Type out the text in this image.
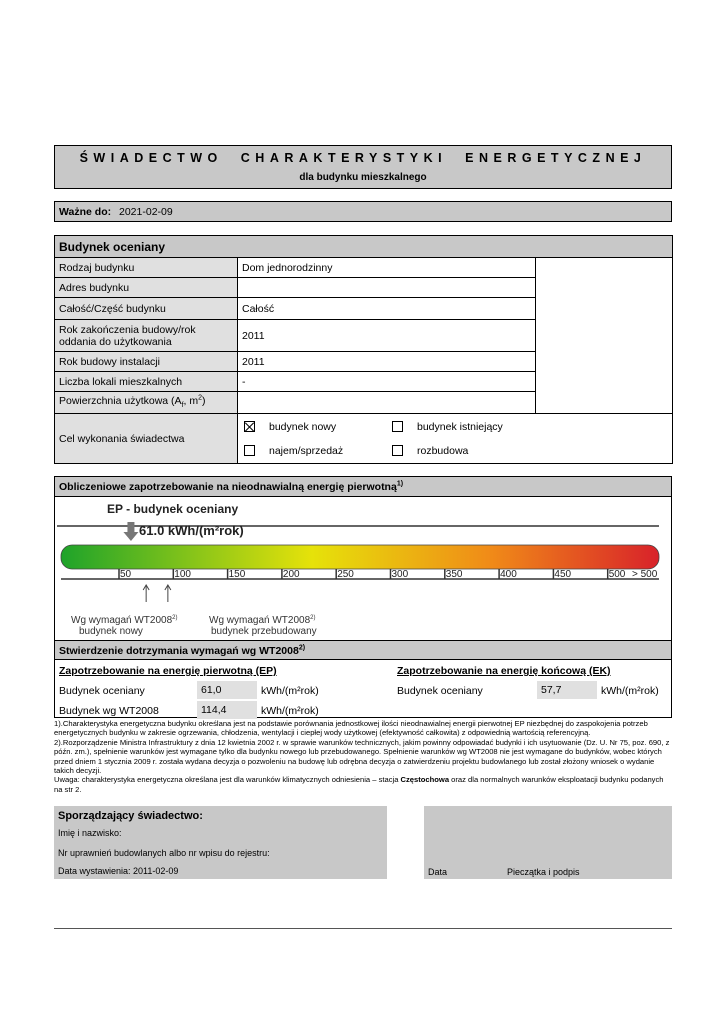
ŚWIADECTWO CHARAKTERYSTYKI ENERGETYCZNEJ
dla budynku mieszkalnego
Ważne do: 2021-02-09
Budynek oceniany		
Rodzaj budynku	Dom jednorodzinny	
Adres budynku		
Całość/Część budynku	Całość	
Rok zakończenia budowy/rok oddania do użytkowania	2011	
Rok budowy instalacji	2011	
Liczba lokali mieszkalnych	-	
Powierzchnia użytkowa ($A_f$, $m^2$)		
Cel wykonania świadectwa	budynek nowy budynek istniejący
najem/sprzedaż rozbudowa	
Obliczeniowe zapotrzebowanie na nieodnawialną energię pierwotną$^{1)}$
EP - budynek oceniany
61.0 kWh/(m²rok)
50	100	150	200	250	300	350	400	450	500 > 500
Wg wymagań WT2008$^{2)}$
budynek nowy
Wg wymagań WT2008$^{2)}$
budynek przebudowany
Stwierdzenie dotrzymania wymagań wg WT2008$^{2)}$
Zapotrzebowanie na energię pierwotną (EP)
Budynek oceniany	61,0	kWh/(m²rok)
Budynek wg WT2008	114,4	kWh/(m²rok)
Zapotrzebowanie na energię końcową (EK)
Budynek oceniany	57,7	kWh/(m²rok)

1).Charakterystyka energetyczna budynku określana jest na podstawie porównania jednostkowej ilości nieodnawialnej energii pierwotnej EP niezbędnej do zaspokojenia potrzeb energetycznych budynku w zakresie ogrzewania, chłodzenia, wentylacji i ciepłej wody użytkowej (efektywność całkowita) z odpowiednią wartością referencyjną.

2).Rozporządzenie Ministra Infrastruktury z dnia 12 kwietnia 2002 r. w sprawie warunków technicznych, jakim powinny odpowiadać budynki i ich usytuowanie (Dz. U. Nr 75, poz. 690, z późn. zm.), spełnienie warunków jest wymagane tylko dla budynku nowego lub przebudowanego. Spełnienie warunków wg WT2008 nie jest wymagane do budynków, wobec których przed dniem 1 stycznia 2009 r. została wydana decyzja o pozwoleniu na budowę lub odrębna decyzja o zatwierdzeniu projektu budowlanego lub został złożony wniosek o wydanie takich decyzji.

Uwaga: charakterystyka energetyczna określana jest dla warunków klimatycznych odniesienia – stacja Częstochowa oraz dla normalnych warunków eksploatacji budynku podanych na str 2.

Sporządzający świadectwo:
Imię i nazwisko:
Nr uprawnień budowlanych albo nr wpisu do rejestru:
Data wystawienia: 2011-02-09	Data	Pieczątka i podpis
